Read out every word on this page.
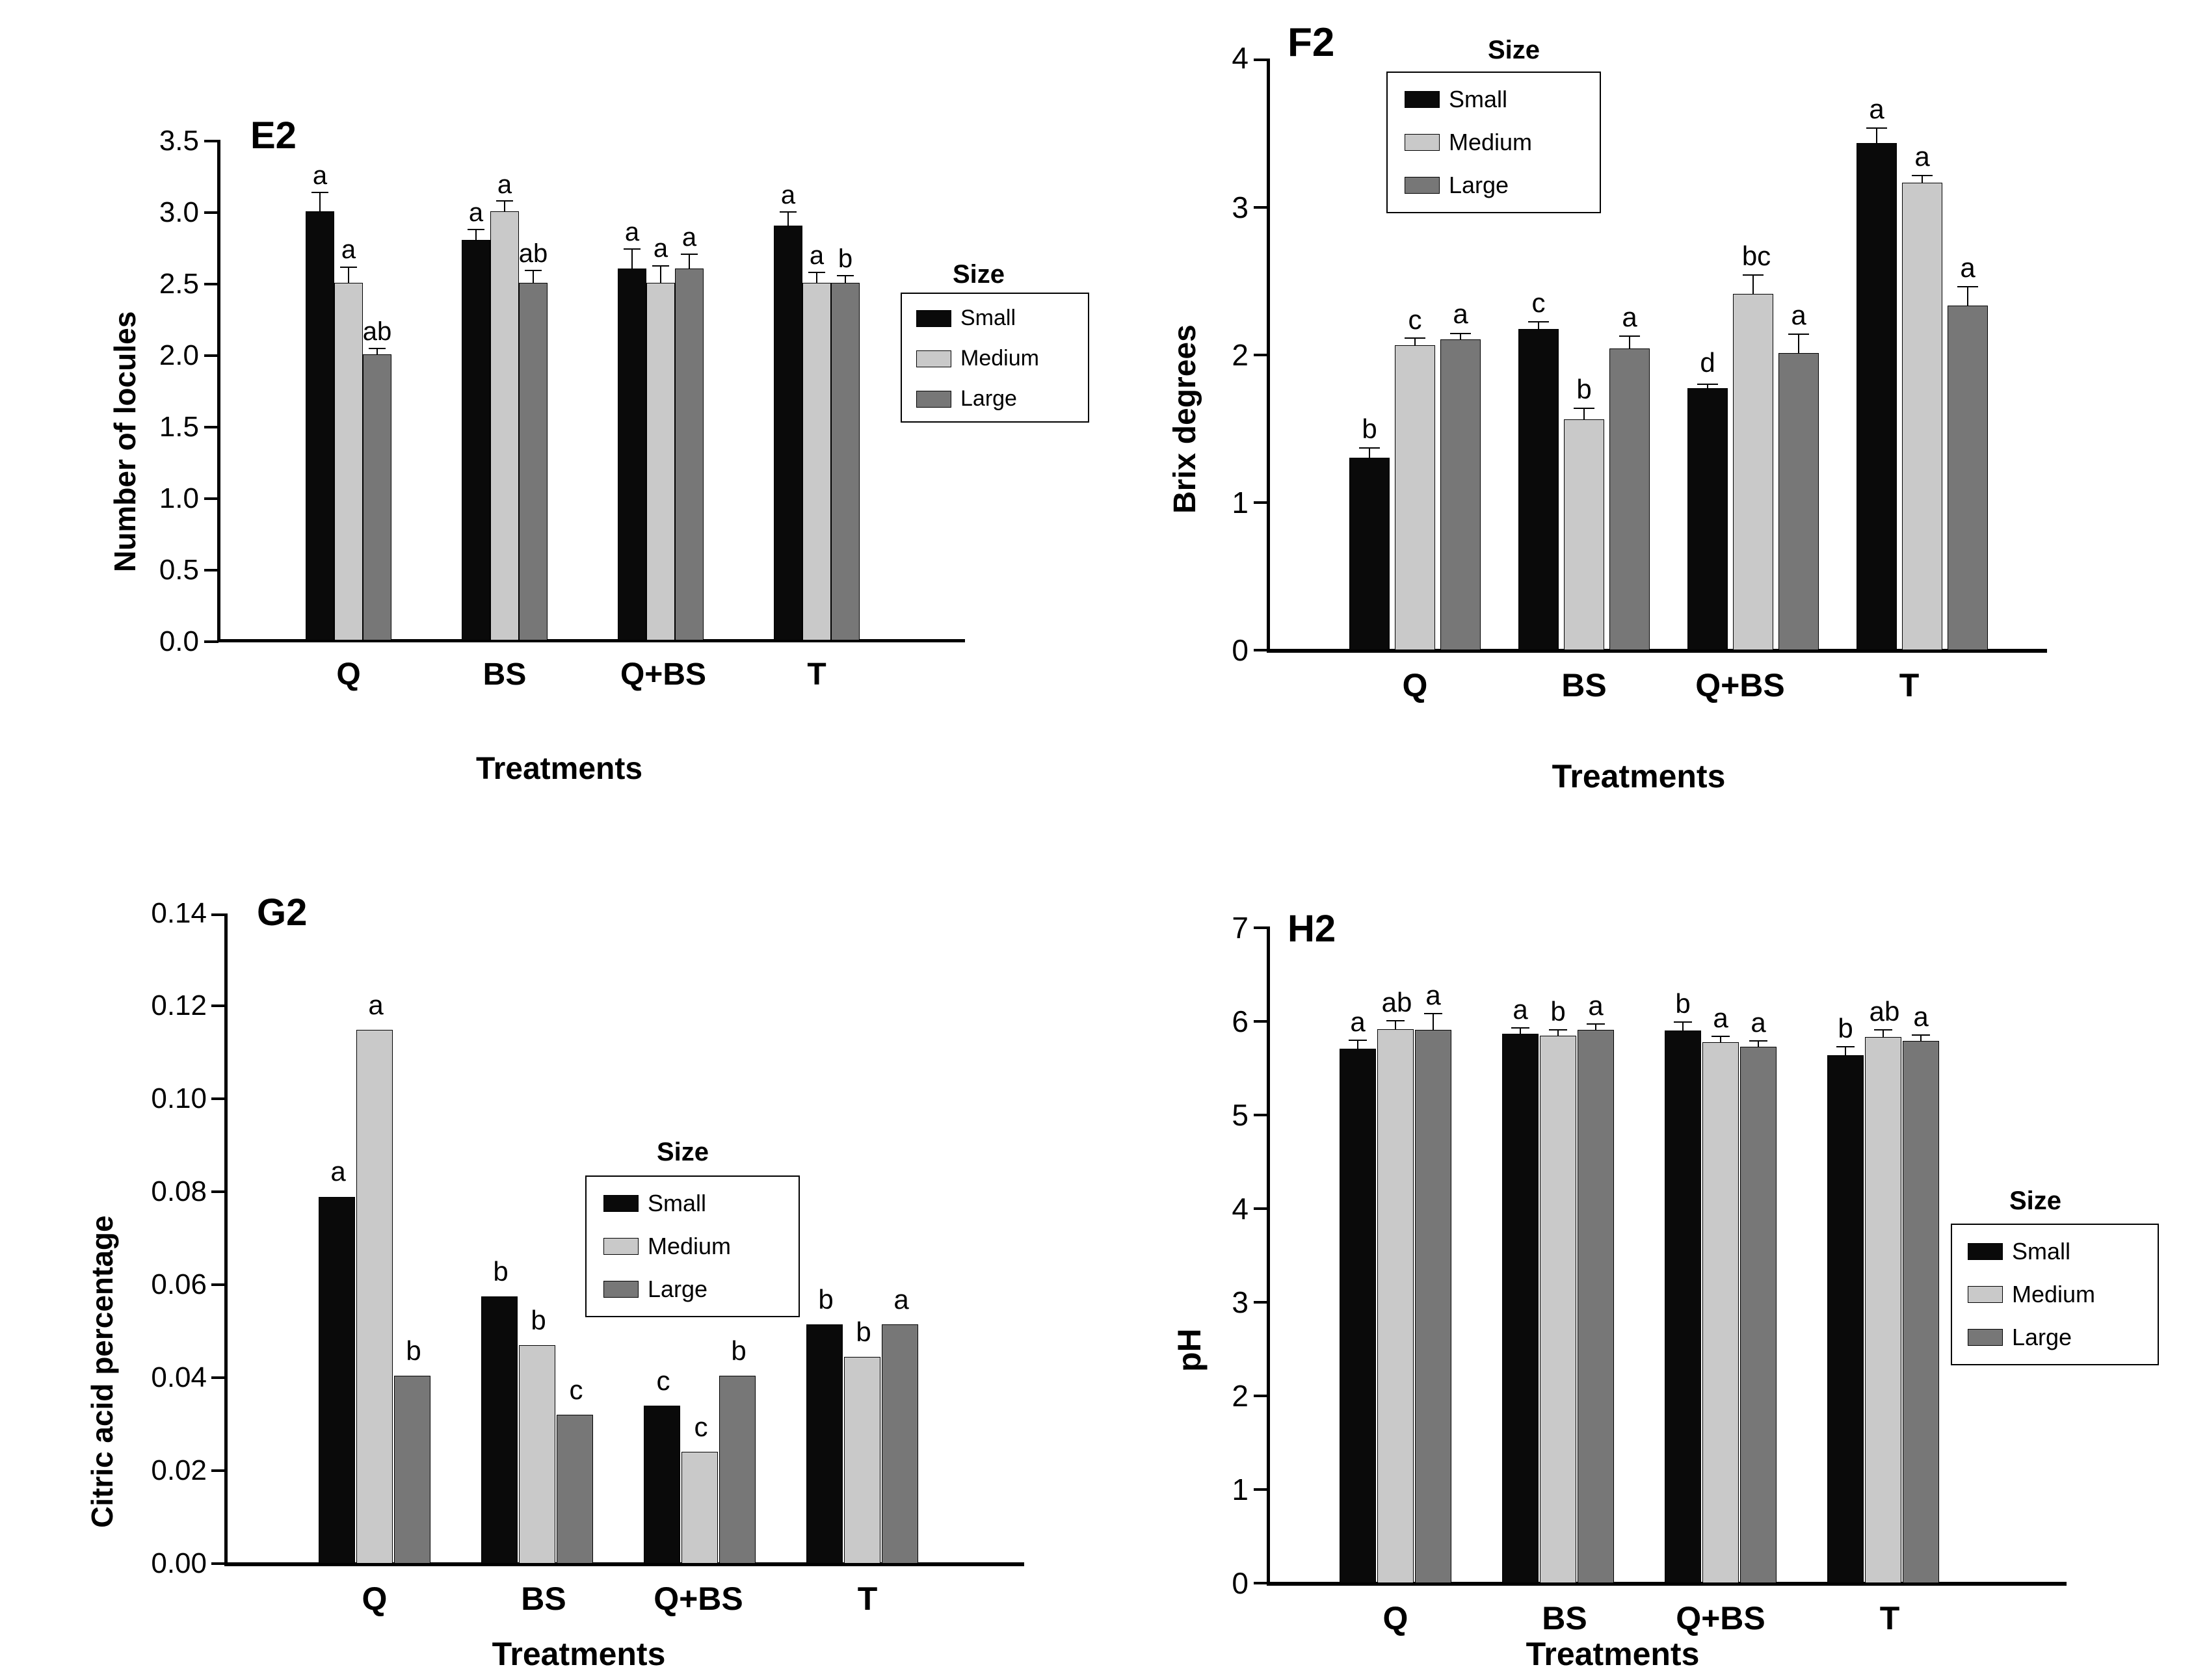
E2
0.0
0.5
1.0
1.5
2.0
2.5
3.0
3.5
Number of locules
a
a
ab
Q
a
a
ab
BS
a
a a
Q+BS
a
a b
T
Treatments
Size
Small
Medium
Large
F2
0
1
2
3
4
Brix degrees	b
c	a
Q
c
b
a
BS
d
bc
a
Q+BS
a
a
a
T
Treatments
Size
Small
Medium
Large
G2
0.00
0.02
0.04
0.06
0.08
0.10
0.12
0.14
Citric acid percentage
a
a
b
Q
b
b
c
BS
c
c
b
Q+BS
b
b
a
T
Treatments
Size
Small
Medium
Large
H2
0
1
2
3
4
5
6
7
pH
a
ab a
Q
a b a
BS
b a a
Q+BS
b
ab a
T
Treatments
Size
Small
Medium
Large
